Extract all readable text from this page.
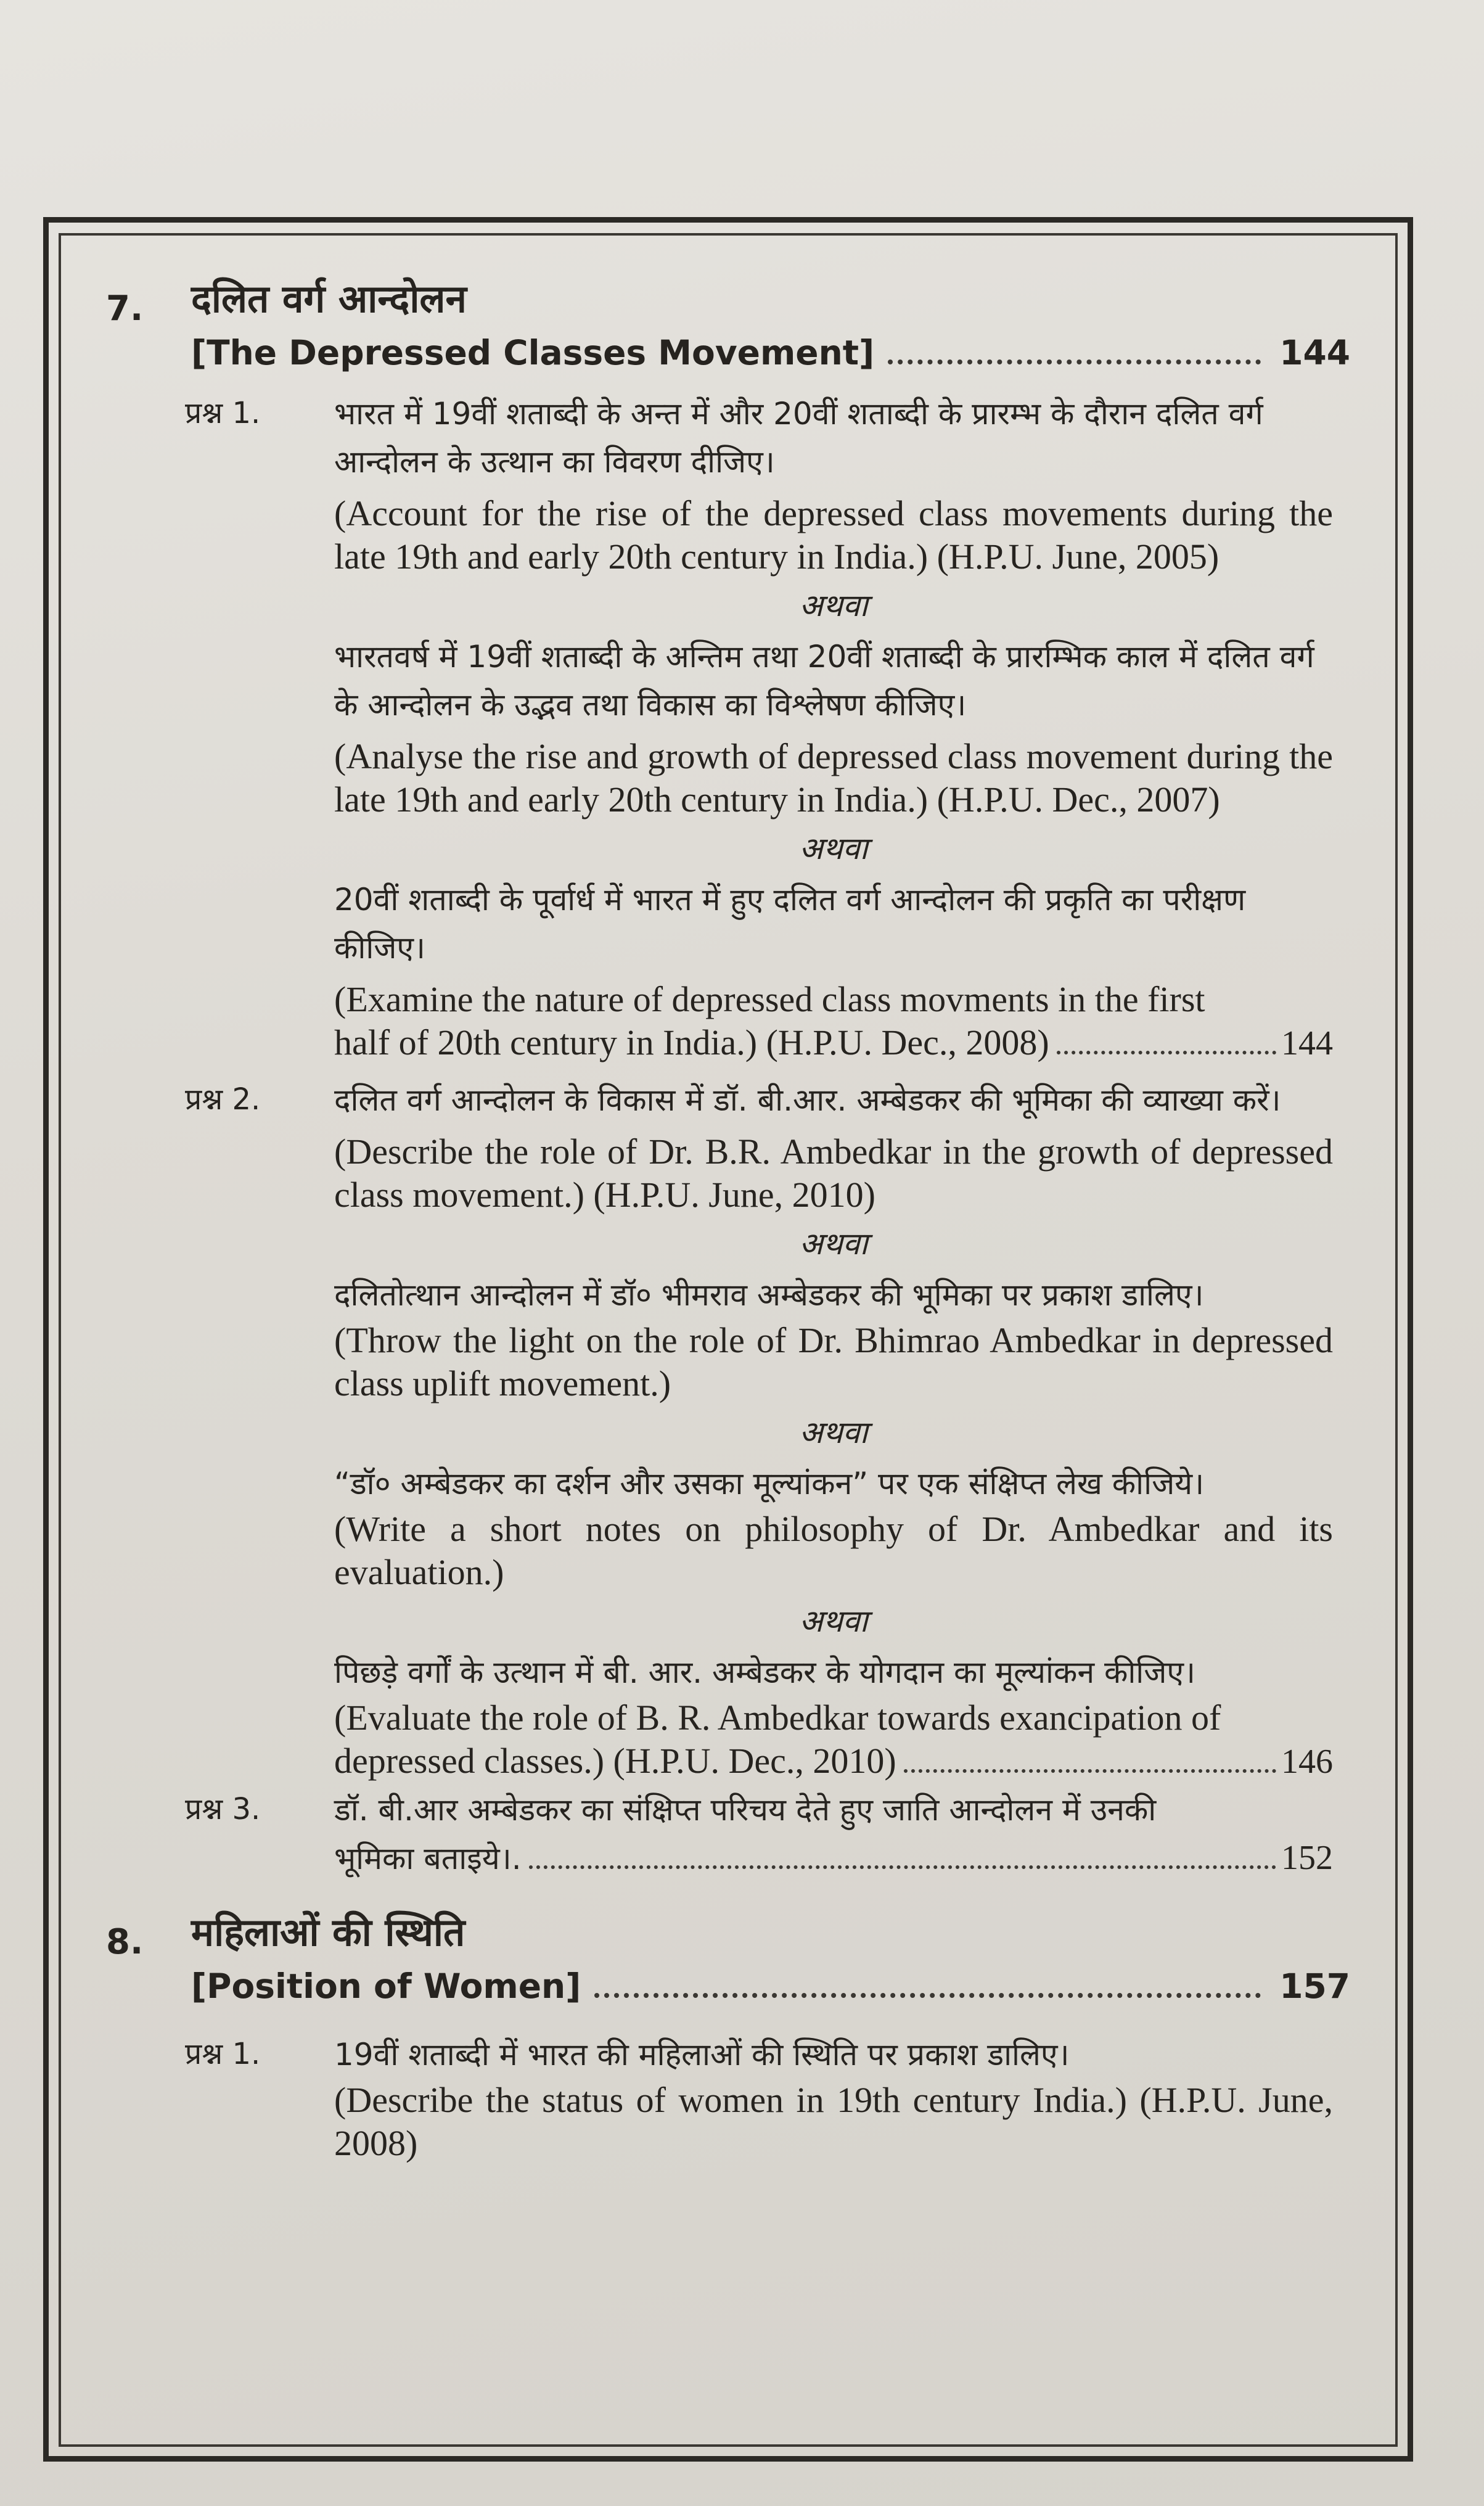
7. दलित वर्ग आन्दोलन
[The Depressed Classes Movement]	144
प्रश्न 1. भारत में 19वीं शताब्दी के अन्त में और 20वीं शताब्दी के प्रारम्भ के दौरान दलित वर्ग आन्दोलन के उत्थान का विवरण दीजिए।
(Account for the rise of the depressed class movements during the late 19th and early 20th century in India.) (H.P.U. June, 2005)
अथवा
भारतवर्ष में 19वीं शताब्दी के अन्तिम तथा 20वीं शताब्दी के प्रारम्भिक काल में दलित वर्ग के आन्दोलन के उद्भव तथा विकास का विश्लेषण कीजिए।
(Analyse the rise and growth of depressed class movement during the late 19th and early 20th century in India.) (H.P.U. Dec., 2007)
अथवा
20वीं शताब्दी के पूर्वार्ध में भारत में हुए दलित वर्ग आन्दोलन की प्रकृति का परीक्षण कीजिए।
(Examine the nature of depressed class movments in the first
half of 20th century in India.) (H.P.U. Dec., 2008)	144
प्रश्न 2. दलित वर्ग आन्दोलन के विकास में डॉ. बी.आर. अम्बेडकर की भूमिका की व्याख्या करें।
(Describe the role of Dr. B.R. Ambedkar in the growth of depressed class movement.) (H.P.U. June, 2010)
अथवा
दलितोत्थान आन्दोलन में डॉ० भीमराव अम्बेडकर की भूमिका पर प्रकाश डालिए।
(Throw the light on the role of Dr. Bhimrao Ambedkar in depressed class uplift movement.)
अथवा
“डॉ० अम्बेडकर का दर्शन और उसका मूल्यांकन” पर एक संक्षिप्त लेख कीजिये।
(Write a short notes on philosophy of Dr. Ambedkar and its evaluation.)
अथवा
पिछड़े वर्गों के उत्थान में बी. आर. अम्बेडकर के योगदान का मूल्यांकन कीजिए।
(Evaluate the role of B. R. Ambedkar towards exancipation of
depressed classes.) (H.P.U. Dec., 2010)	146
प्रश्न 3. डॉ. बी.आर अम्बेडकर का संक्षिप्त परिचय देते हुए जाति आन्दोलन में उनकी
भूमिका बताइये।.	152
8. महिलाओं की स्थिति
[Position of Women]	157
प्रश्न 1. 19वीं शताब्दी में भारत की महिलाओं की स्थिति पर प्रकाश डालिए।
(Describe the status of women in 19th century India.) (H.P.U. June, 2008)
